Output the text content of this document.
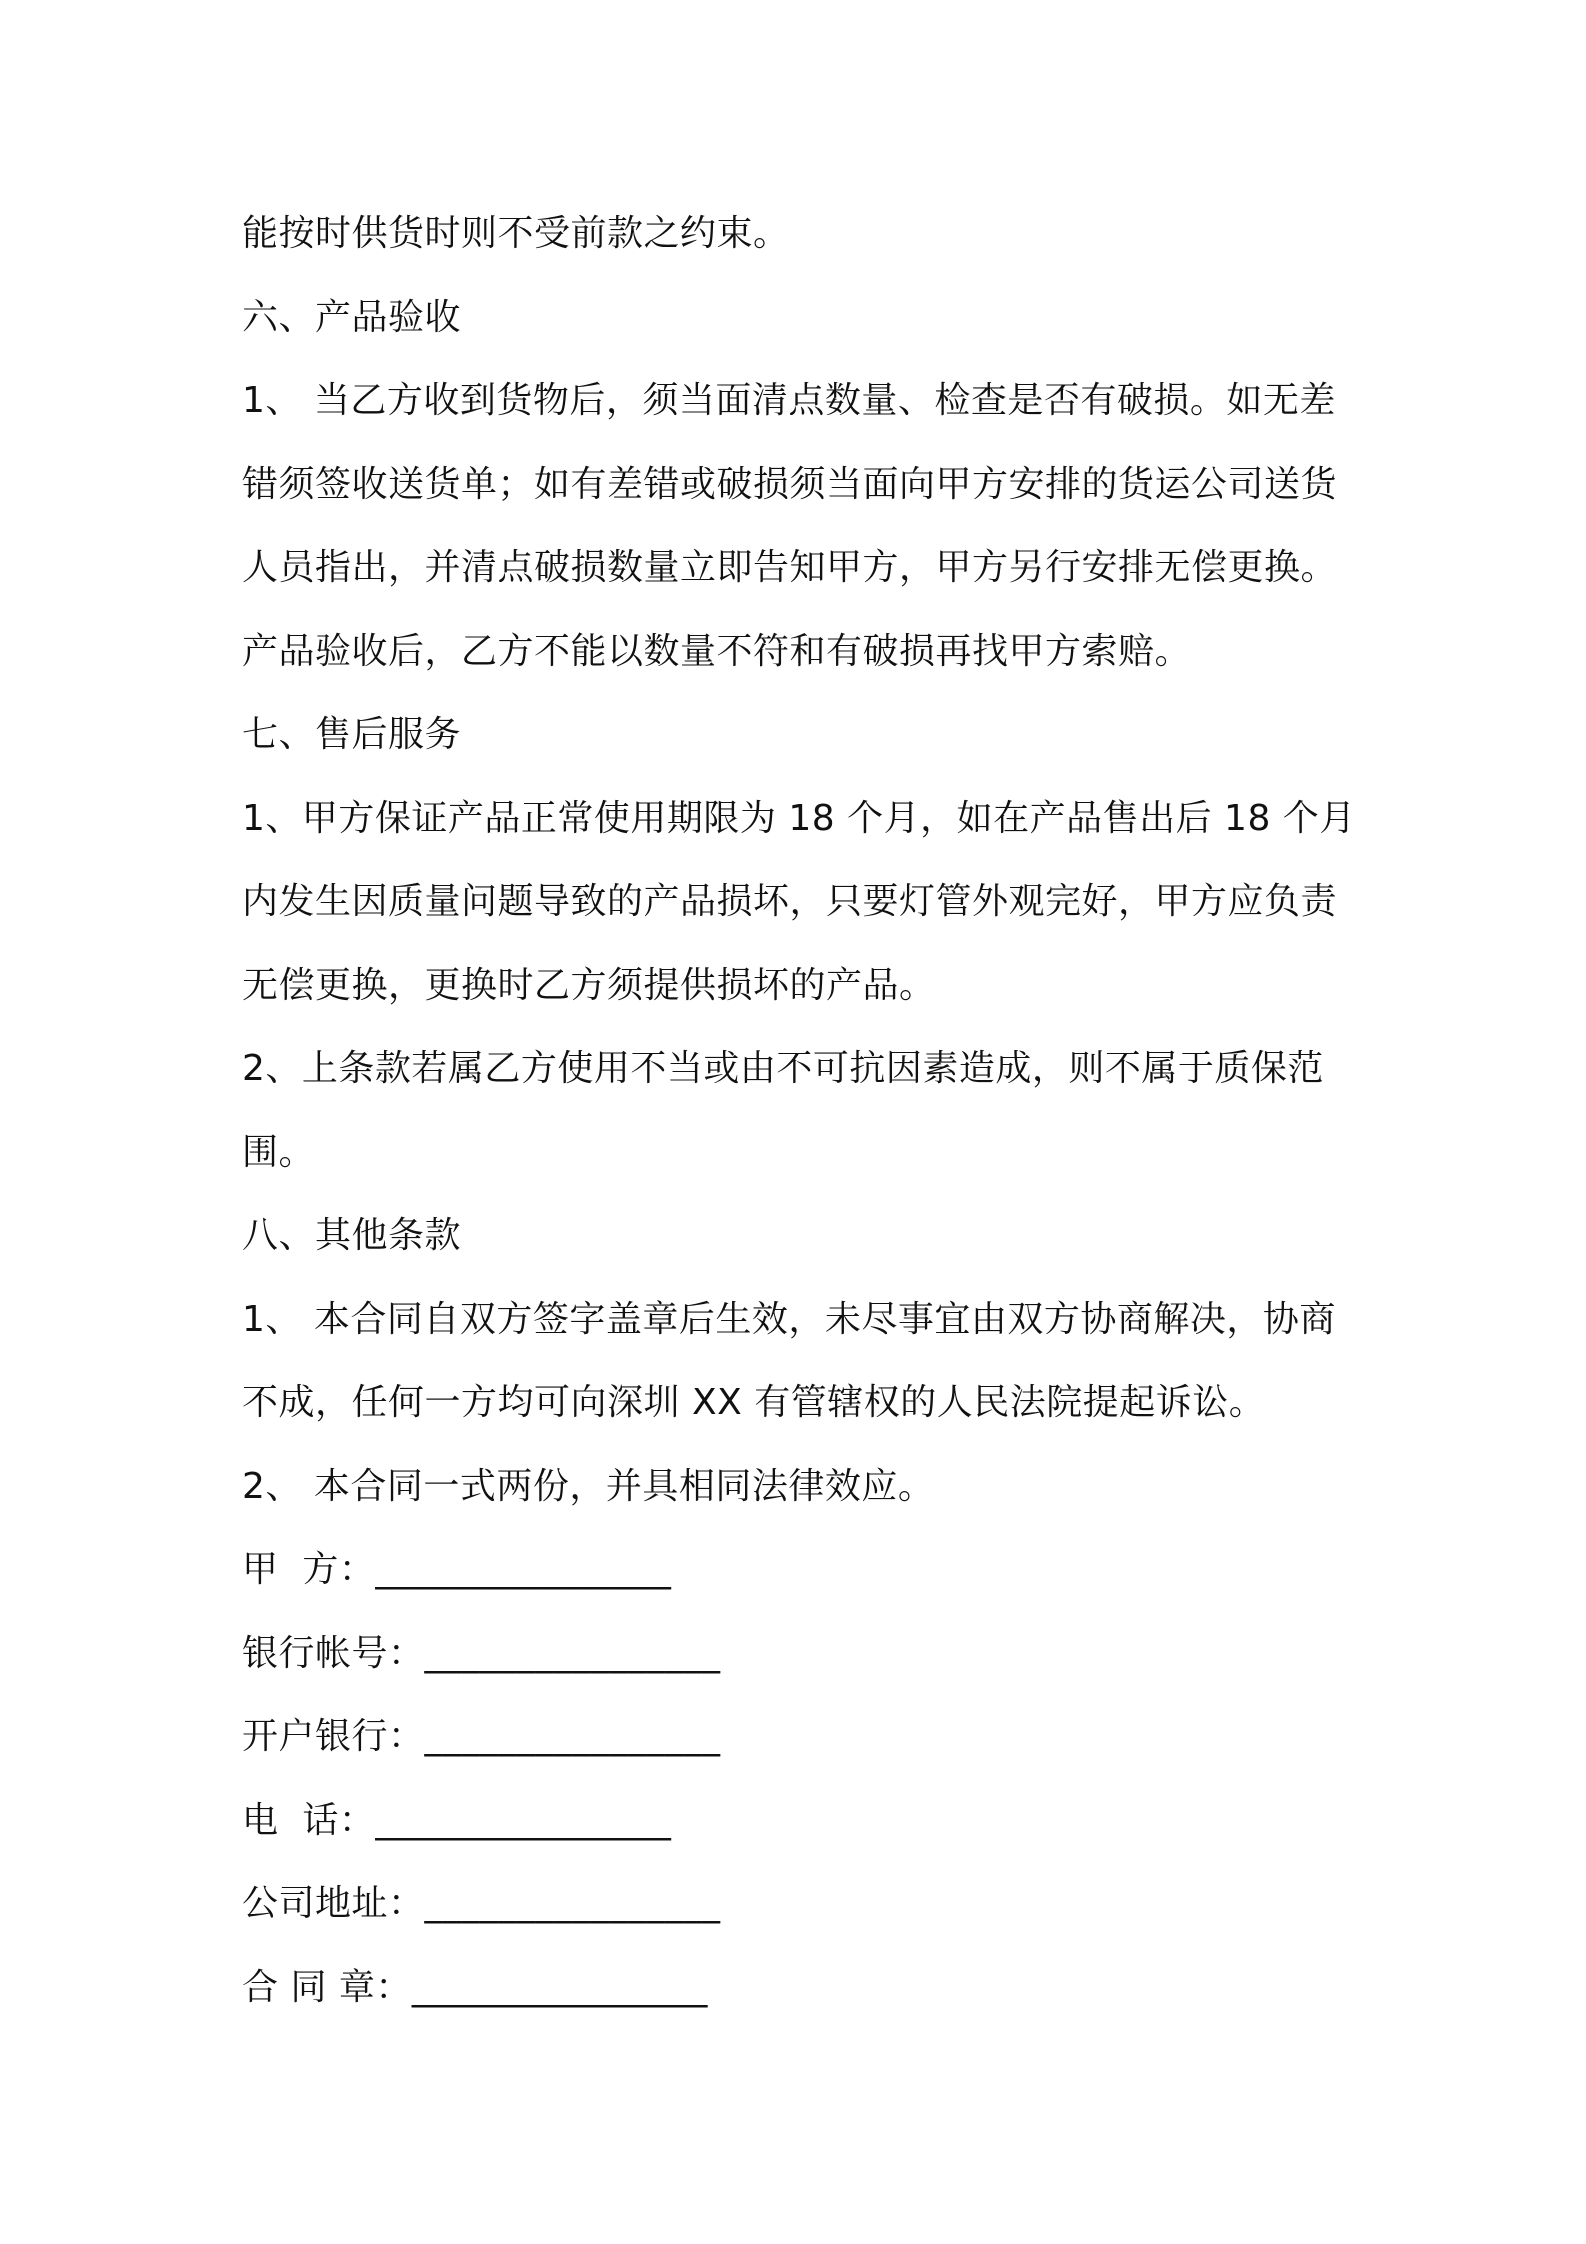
能按时供货时则不受前款之约束。
六、产品验收
1、 当乙方收到货物后，须当面清点数量、检查是否有破损。如无差
错须签收送货单；如有差错或破损须当面向甲方安排的货运公司送货
人员指出，并清点破损数量立即告知甲方，甲方另行安排无偿更换。
产品验收后，乙方不能以数量不符和有破损再找甲方索赔。
七、售后服务
1、甲方保证产品正常使用期限为 18 个月，如在产品售出后 18 个月
内发生因质量问题导致的产品损坏，只要灯管外观完好，甲方应负责
无偿更换，更换时乙方须提供损坏的产品。
2、上条款若属乙方使用不当或由不可抗因素造成，则不属于质保范
围。
八、其他条款
1、 本合同自双方签字盖章后生效，未尽事宜由双方协商解决，协商
不成，任何一方均可向深圳 XX 有管辖权的人民法院提起诉讼。
2、 本合同一式两份，并具相同法律效应。
甲  方：________________
银行帐号：________________
开户银行：________________
电  话：________________
公司地址：________________
合 同 章：________________
